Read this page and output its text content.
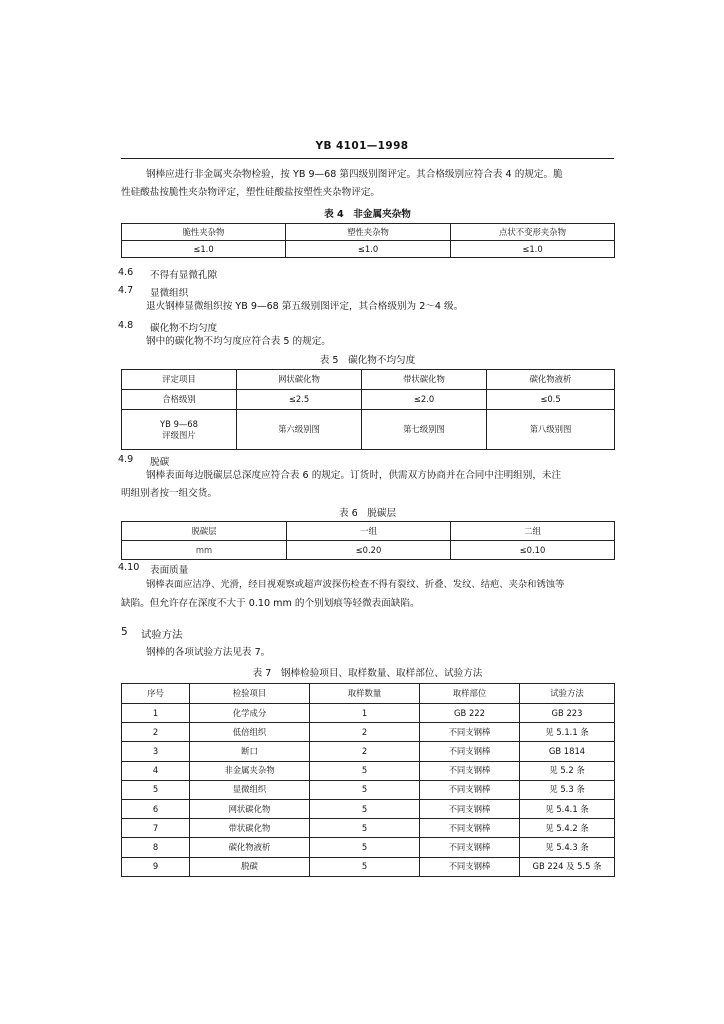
YB 4101—1998
钢棒应进行非金属夹杂物检验，按 YB 9—68 第四级别图评定。其合格级别应符合表 4 的规定。脆
性硅酸盐按脆性夹杂物评定，塑性硅酸盐按塑性夹杂物评定。
表 4　非金属夹杂物
脆性夹杂物	塑性夹杂物	点状不变形夹杂物
≤1.0	≤1.0	≤1.0
4.6 不得有显微孔隙
4.7 显微组织
退火钢棒显微组织按 YB 9—68 第五级别图评定，其合格级别为 2～4 级。
4.8 碳化物不均匀度
钢中的碳化物不均匀度应符合表 5 的规定。
表 5　碳化物不均匀度
评定项目	网状碳化物	带状碳化物	碳化物液析
合格级别	≤2.5	≤2.0	≤0.5
YB 9—68
评级图片	第六级别图	第七级别图	第八级别图
4.9 脱碳
钢棒表面每边脱碳层总深度应符合表 6 的规定。订货时，供需双方协商并在合同中注明组别，未注
明组别者按一组交货。
表 6　脱碳层
脱碳层	一组	二组
mm	≤0.20	≤0.10
4.10 表面质量
钢棒表面应洁净、光滑，经目视观察或超声波探伤检查不得有裂纹、折叠、发纹、结疤、夹杂和锈蚀等
缺陷。但允许存在深度不大于 0.10 mm 的个别划痕等轻微表面缺陷。
5 试验方法
钢棒的各项试验方法见表 7。
表 7　钢棒检验项目、取样数量、取样部位、试验方法
序号	检验项目	取样数量	取样部位	试验方法
1	化学成分	1	GB 222	GB 223
2	低倍组织	2	不同支钢棒	见 5.1.1 条
3	断口	2	不同支钢棒	GB 1814
4	非金属夹杂物	5	不同支钢棒	见 5.2 条
5	显微组织	5	不同支钢棒	见 5.3 条
6	网状碳化物	5	不同支钢棒	见 5.4.1 条
7	带状碳化物	5	不同支钢棒	见 5.4.2 条
8	碳化物液析	5	不同支钢棒	见 5.4.3 条
9	脱碳	5	不同支钢棒	GB 224 及 5.5 条
